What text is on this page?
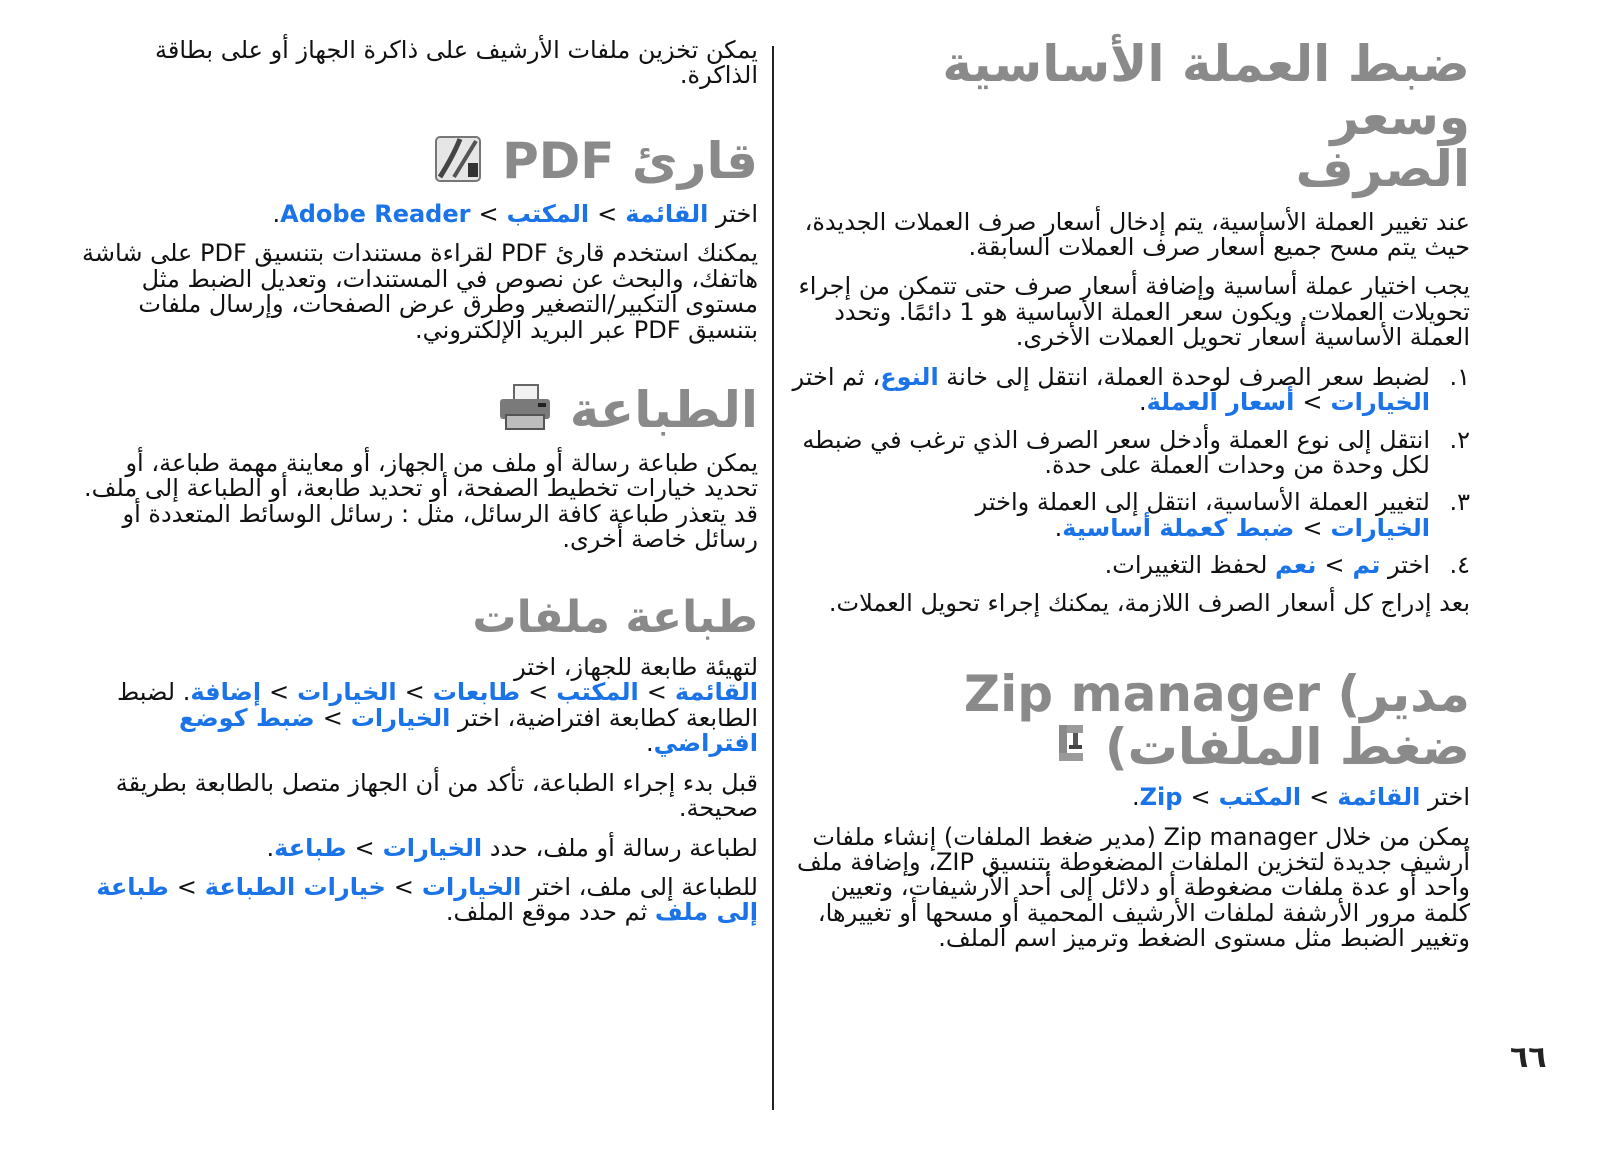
ضبط العملة الأساسية وسعر
الصرف

عند تغيير العملة الأساسية، يتم إدخال أسعار صرف العملات الجديدة، حيث يتم مسح جميع أسعار صرف العملات السابقة.

يجب اختيار عملة أساسية وإضافة أسعار صرف حتى تتمكن من إجراء تحويلات العملات. ويكون سعر العملة الأساسية هو 1 دائمًا. وتحدد العملة الأساسية أسعار تحويل العملات الأخرى.

١.
لضبط سعر الصرف لوحدة العملة، انتقل إلى خانة النوع، ثم اختر الخيارات>أسعار العملة.
٢.
انتقل إلى نوع العملة وأدخل سعر الصرف الذي ترغب في ضبطه لكل وحدة من وحدات العملة على حدة.
٣.
لتغيير العملة الأساسية، انتقل إلى العملة واختر الخيارات>ضبط كعملة أساسية.
٤.
اختر تم>نعم لحفظ التغييرات.

بعد إدراج كل أسعار الصرف اللازمة، يمكنك إجراء تحويل العملات.

Zip manager (مدير

ضغط الملفات)
اختر القائمة>المكتب>Zip.

يمكن من خلال Zip manager (مدير ضغط الملفات) إنشاء ملفات أرشيف جديدة لتخزين الملفات المضغوطة بتنسيق ZIP، وإضافة ملف واحد أو عدة ملفات مضغوطة أو دلائل إلى أحد الأرشيفات، وتعيين كلمة مرور الأرشفة لملفات الأرشيف المحمية أو مسحها أو تغييرها، وتغيير الضبط مثل مستوى الضغط وترميز اسم الملف.

يمكن تخزين ملفات الأرشيف على ذاكرة الجهاز أو على بطاقة الذاكرة.

قارئ PDF
اختر القائمة>المكتب>Adobe Reader.

يمكنك استخدم قارئ PDF لقراءة مستندات بتنسيق PDF على شاشة هاتفك، والبحث عن نصوص في المستندات، وتعديل الضبط مثل مستوى التكبير/التصغير وطرق عرض الصفحات، وإرسال ملفات بتنسيق PDF عبر البريد الإلكتروني.

الطباعة

يمكن طباعة رسالة أو ملف من الجهاز، أو معاينة مهمة طباعة، أو تحديد خيارات تخطيط الصفحة، أو تحديد طابعة، أو الطباعة إلى ملف. قد يتعذر طباعة كافة الرسائل، مثل : رسائل الوسائط المتعددة أو رسائل خاصة أخرى.

طباعة ملفات

لتهيئة طابعة للجهاز، اختر القائمة>المكتب>طابعات>الخيارات>إضافة. لضبط الطابعة كطابعة افتراضية، اختر الخيارات>ضبط كوضع افتراضي.

قبل بدء إجراء الطباعة، تأكد من أن الجهاز متصل بالطابعة بطريقة صحيحة.

لطباعة رسالة أو ملف، حدد الخيارات>طباعة.

للطباعة إلى ملف، اختر الخيارات>خيارات الطباعة>طباعة إلى ملف ثم حدد موقع الملف.

٦٦
